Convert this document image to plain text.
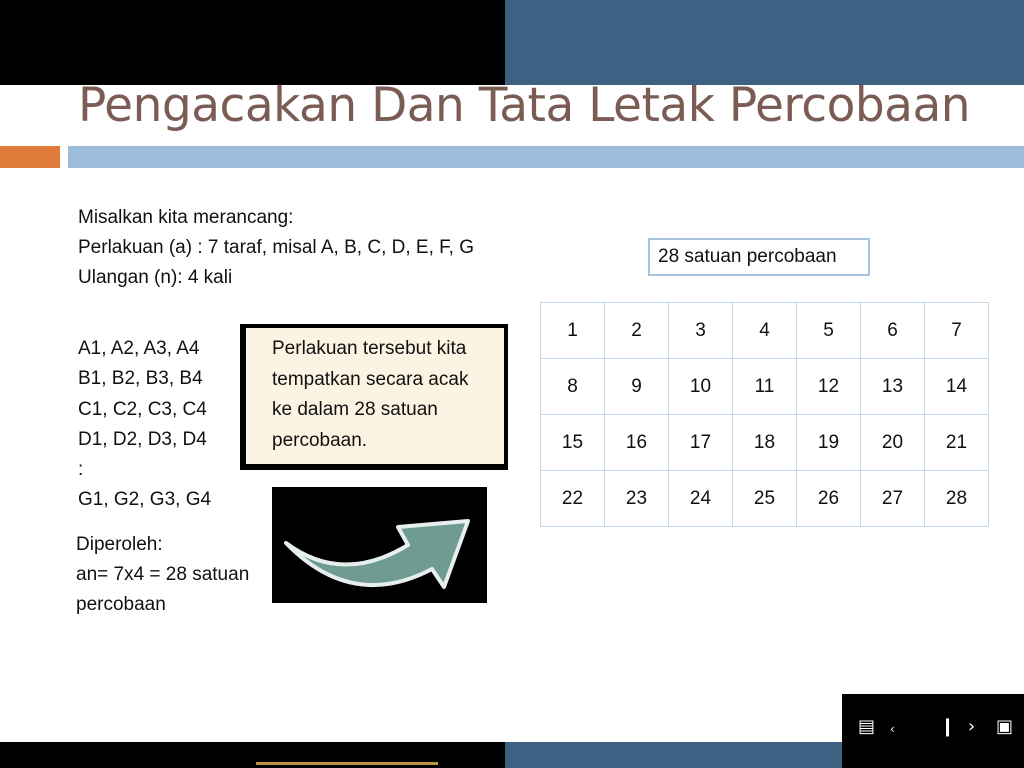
Pengacakan Dan Tata Letak Percobaan
Misalkan kita merancang:
Perlakuan (a) : 7 taraf, misal A, B, C, D, E, F, G
Ulangan (n): 4 kali
A1, A2, A3, A4
B1, B2, B3, B4
C1, C2, C3, C4
D1, D2, D3, D4
:
G1, G2, G3, G4
Diperoleh:
an= 7x4 = 28 satuan
percobaan
Perlakuan tersebut kita
tempatkan secara acak
ke dalam 28 satuan
percobaan.
28 satuan percobaan
1	2	3	4	5	6	7
8	9	10	11	12	13	14
15	16	17	18	19	20	21
22	23	24	25	26	27	28
▤ ‹	❙ › ▣
